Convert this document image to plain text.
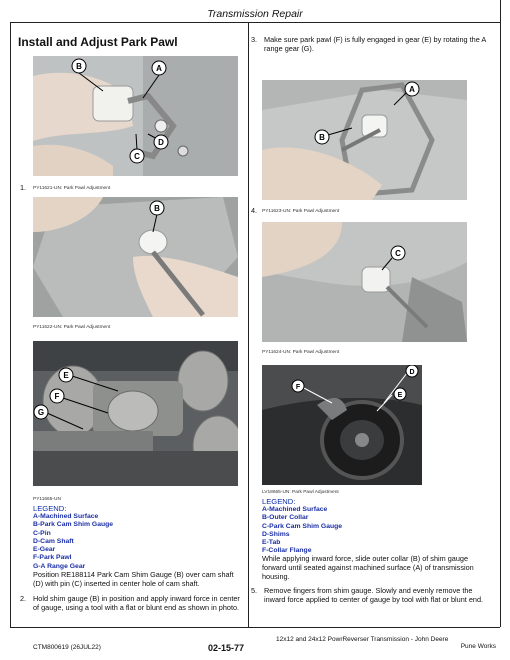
Transmission Repair
Install and Adjust Park Pawl
B	A
C
D
1. PY11621-UN: Park Pawl Adjustment
B
PY11622-UN: Park Pawl Adjustment
E
F
G
PY11665-UN
LEGEND:
A-Machined Surface
B-Park Cam Shim Gauge
C-Pin
D-Cam Shaft
E-Gear
F-Park Pawl
G-A Range Gear
Position RE188114 Park Cam Shim Gauge (B) over cam shaft (D) with pin (C) inserted in center hole of cam shaft.
2. Hold shim gauge (B) in position and apply inward force in center of gauge, using a tool with a flat or blunt end as shown in photo.
3. Make sure park pawl (F) is fully engaged in gear (E) by rotating the A range gear (G).
A
B
4. PY11623-UN: Park Pawl Adjustment
C
PY11624-UN: Park Pawl Adjustment
F
D
E
LV18665-UN: Park Pawl Adjustment
LEGEND:
A-Machined Surface
B-Outer Collar
C-Park Cam Shim Gauge
D-Shims
E-Tab
F-Collar Flange
While applying inward force, slide outer collar (B) of shim gauge forward until seated against machined surface (A) of transmission housing.
5. Remove fingers from shim gauge. Slowly and evenly remove the inward force applied to center of gauge by tool with flat or blunt end.
CTM800619 (26JUL22)	02-15-77
12x12 and 24x12 PowrReverser Transmission - John Deere
Pune Works
